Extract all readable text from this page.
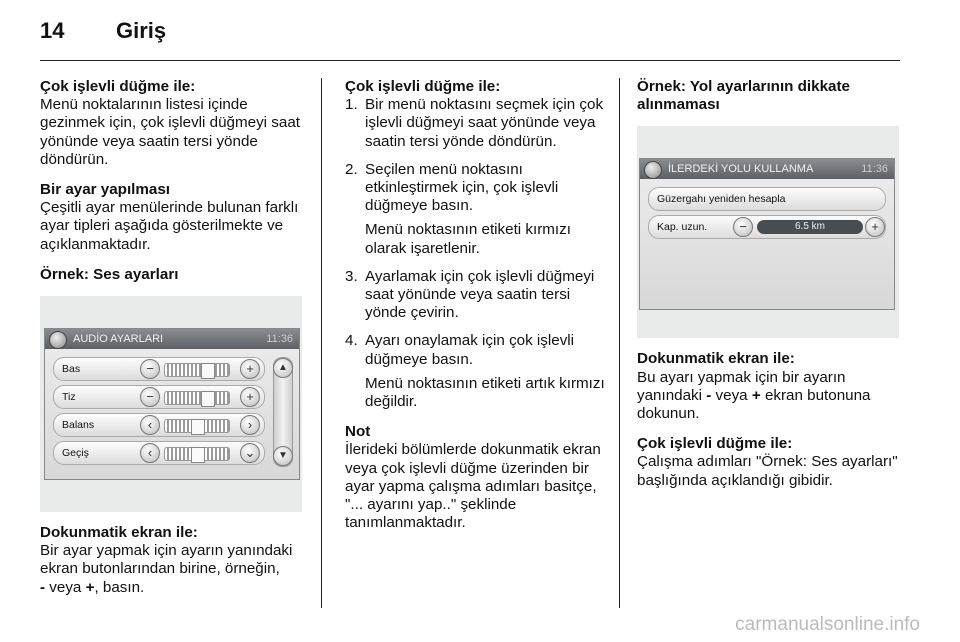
14 Giriş
Çok işlevli düğme ile:
Menü noktalarının listesi içinde gezinmek için, çok işlevli düğmeyi saat yönünde veya saatin tersi yönde döndürün.
Bir ayar yapılması
Çeşitli ayar menülerinde bulunan farklı ayar tipleri aşağıda gösterilmekte ve açıklanmaktadır.
Örnek: Ses ayarları
AUDİO AYARLARI	11:36
Bas	−	+
Tiz	−	+
Balans	‹	›
Geçiş	‹	⌄
▲
▼
Dokunmatik ekran ile:
Bir ayar yapmak için ayarın yanındaki ekran butonlarından birine, örneğin,
- veya +, basın.
Çok işlevli düğme ile:
1. Bir menü noktasını seçmek için çok işlevli düğmeyi saat yönünde veya saatin tersi yönde döndürün.
2. Seçilen menü noktasını etkinleştirmek için, çok işlevli düğmeye basın.
Menü noktasının etiketi kırmızı olarak işaretlenir.
3. Ayarlamak için çok işlevli düğmeyi saat yönünde veya saatin tersi yönde çevirin.
4. Ayarı onaylamak için çok işlevli düğmeye basın.
Menü noktasının etiketi artık kırmızı değildir.
Not
İlerideki bölümlerde dokunmatik ekran veya çok işlevli düğme üzerinden bir ayar yapma çalışma adımları basitçe, "... ayarını yap.." şeklinde tanımlanmaktadır.
Örnek: Yol ayarlarının dikkate alınmaması
İLERDEKİ YOLU KULLANMA	11:36
Güzergahı yeniden hesapla
Kap. uzun.	−	6.5 km	+
Dokunmatik ekran ile:
Bu ayarı yapmak için bir ayarın yanındaki - veya + ekran butonuna dokunun.
Çok işlevli düğme ile:
Çalışma adımları "Örnek: Ses ayarları" başlığında açıklandığı gibidir.
carmanualsonline.info
